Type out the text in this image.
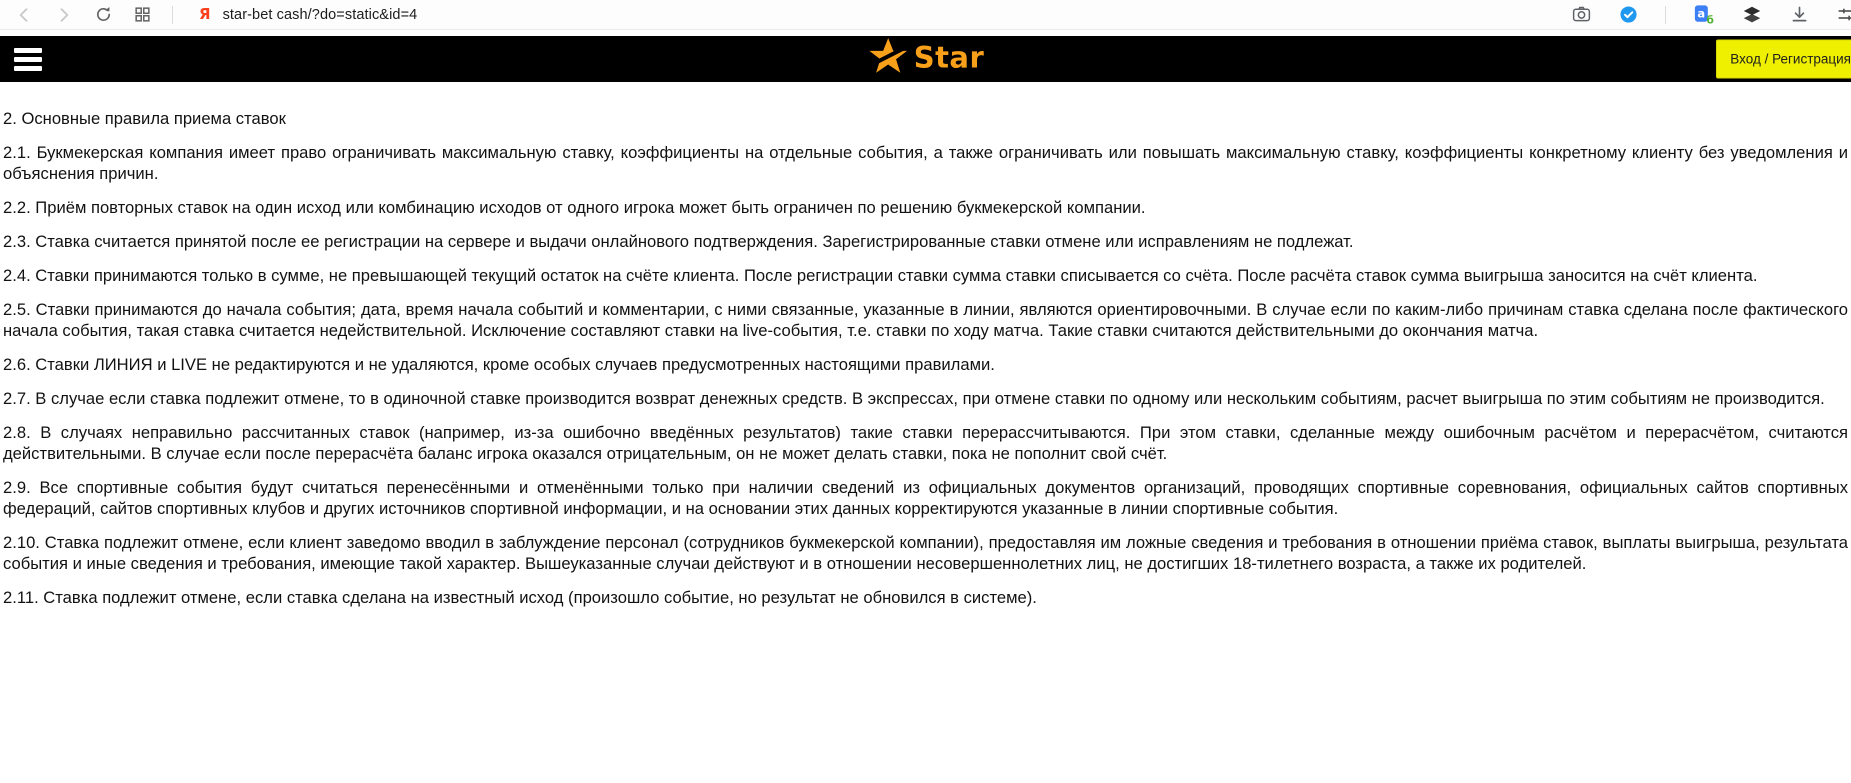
Я star-bet cash/?do=static&id=4	a
б
Star	Вход / Регистрация

2. Основные правила приема ставок

2.1. Букмекерская компания имеет право ограничивать максимальную ставку, коэффициенты на отдельные события, а также ограничивать или повышать максимальную ставку, коэффициенты конкретному клиенту без уведомления и объяснения причин.

2.2. Приём повторных ставок на один исход или комбинацию исходов от одного игрока может быть ограничен по решению букмекерской компании.

2.3. Ставка считается принятой после ее регистрации на сервере и выдачи онлайнового подтверждения. Зарегистрированные ставки отмене или исправлениям не подлежат.

2.4. Ставки принимаются только в сумме, не превышающей текущий остаток на счёте клиента. После регистрации ставки сумма ставки списывается со счёта. После расчёта ставок сумма выигрыша заносится на счёт клиента.

2.5. Ставки принимаются до начала события; дата, время начала событий и комментарии, с ними связанные, указанные в линии, являются ориентировочными. В случае если по каким-либо причинам ставка сделана после фактического начала события, такая ставка считается недействительной. Исключение составляют ставки на live-события, т.е. ставки по ходу матча. Такие ставки считаются действительными до окончания матча.

2.6. Ставки ЛИНИЯ и LIVE не редактируются и не удаляются, кроме особых случаев предусмотренных настоящими правилами.

2.7. В случае если ставка подлежит отмене, то в одиночной ставке производится возврат денежных средств. В экспрессах, при отмене ставки по одному или нескольким событиям, расчет выигрыша по этим событиям не производится.

2.8. В случаях неправильно рассчитанных ставок (например, из-за ошибочно введённых результатов) такие ставки перерассчитываются. При этом ставки, сделанные между ошибочным расчётом и перерасчётом, считаются действительными. В случае если после перерасчёта баланс игрока оказался отрицательным, он не может делать ставки, пока не пополнит свой счёт.

2.9. Все спортивные события будут считаться перенесёнными и отменёнными только при наличии сведений из официальных документов организаций, проводящих спортивные соревнования, официальных сайтов спортивных федераций, сайтов спортивных клубов и других источников спортивной информации, и на основании этих данных корректируются указанные в линии спортивные события.

2.10. Ставка подлежит отмене, если клиент заведомо вводил в заблуждение персонал (сотрудников букмекерской компании), предоставляя им ложные сведения и требования в отношении приёма ставок, выплаты выигрыша, результата события и иные сведения и требования, имеющие такой характер. Вышеуказанные случаи действуют и в отношении несовершеннолетних лиц, не достигших 18-тилетнего возраста, а также их родителей.

2.11. Ставка подлежит отмене, если ставка сделана на известный исход (произошло событие, но результат не обновился в системе).
